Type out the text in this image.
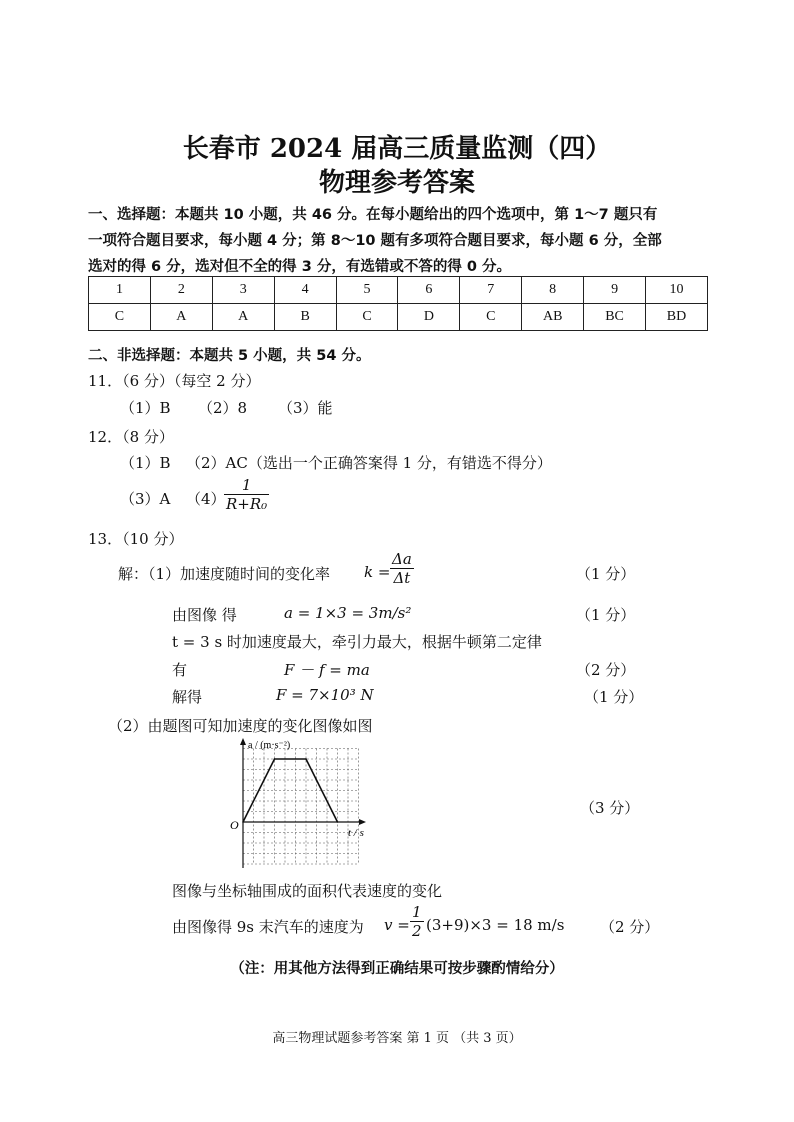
长春市 2024 届高三质量监测（四）
物理参考答案
一、选择题：本题共 10 小题，共 46 分。在每小题给出的四个选项中，第 1～7 题只有
一项符合题目要求，每小题 4 分；第 8～10 题有多项符合题目要求，每小题 6 分，全部
选对的得 6 分，选对但不全的得 3 分，有选错或不答的得 0 分。
1	2	3	4	5	6	7	8	9	10
C	A	A	B	C	D	C	AB	BC	BD
二、非选择题：本题共 5 小题，共 54 分。
11．（6 分）（每空 2 分）
（1）B （2）8 （3）能
12．（8 分）
（1）B （2）AC（选出一个正确答案得 1 分，有错选不得分）
（3）A （4）
$\frac{1}{\text{R+R₀}}$
13．（10 分）
解：（1）加速度随时间的变化率 $k = \frac{\Delta a}{\Delta t}$	（1 分）
由图像 得	a = 1×3 = 3m/s²	（1 分）
t = 3 s 时加速度最大，牵引力最大，根据牛顿第二定律
有	F － f = ma	（2 分）
解得	F = 7×10³ N	（1 分）
（2）由题图可知加速度的变化图像如图
a / (m·s⁻²)
O
t / s
（3 分）
图像与坐标轴围成的面积代表速度的变化
由图像得 9s 末汽车的速度为 $v = \frac{1}{2} (3+9)\times 3 = 18$ m/s （2 分）
（注：用其他方法得到正确结果可按步骤酌情给分）
高三物理试题参考答案 第 1 页 （共 3 页）
